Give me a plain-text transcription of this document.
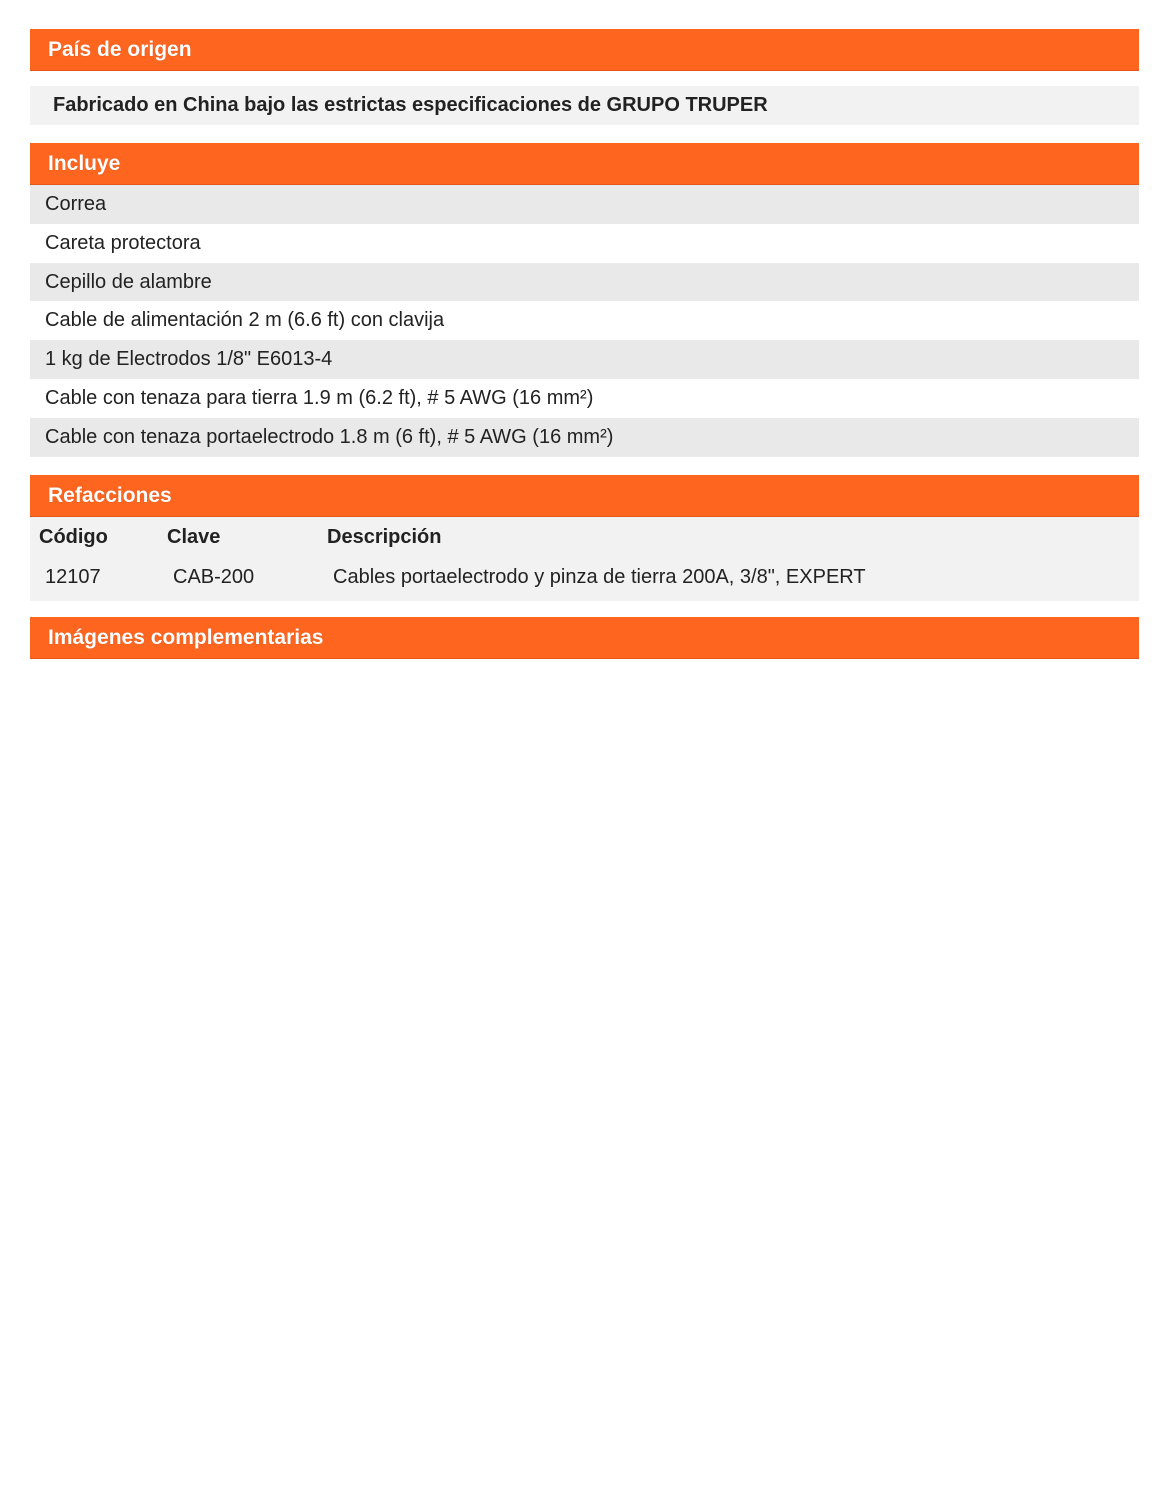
País de origen
Fabricado en China bajo las estrictas especificaciones de GRUPO TRUPER
Incluye
Correa
Careta protectora
Cepillo de alambre
Cable de alimentación 2 m (6.6 ft) con clavija
1 kg de Electrodos 1/8" E6013-4
Cable con tenaza para tierra 1.9 m (6.2 ft), # 5 AWG (16 mm²)
Cable con tenaza portaelectrodo 1.8 m (6 ft), # 5 AWG (16 mm²)
Refacciones
Código	Clave	Descripción
12107	CAB-200	Cables portaelectrodo y pinza de tierra 200A, 3/8", EXPERT
Imágenes complementarias
